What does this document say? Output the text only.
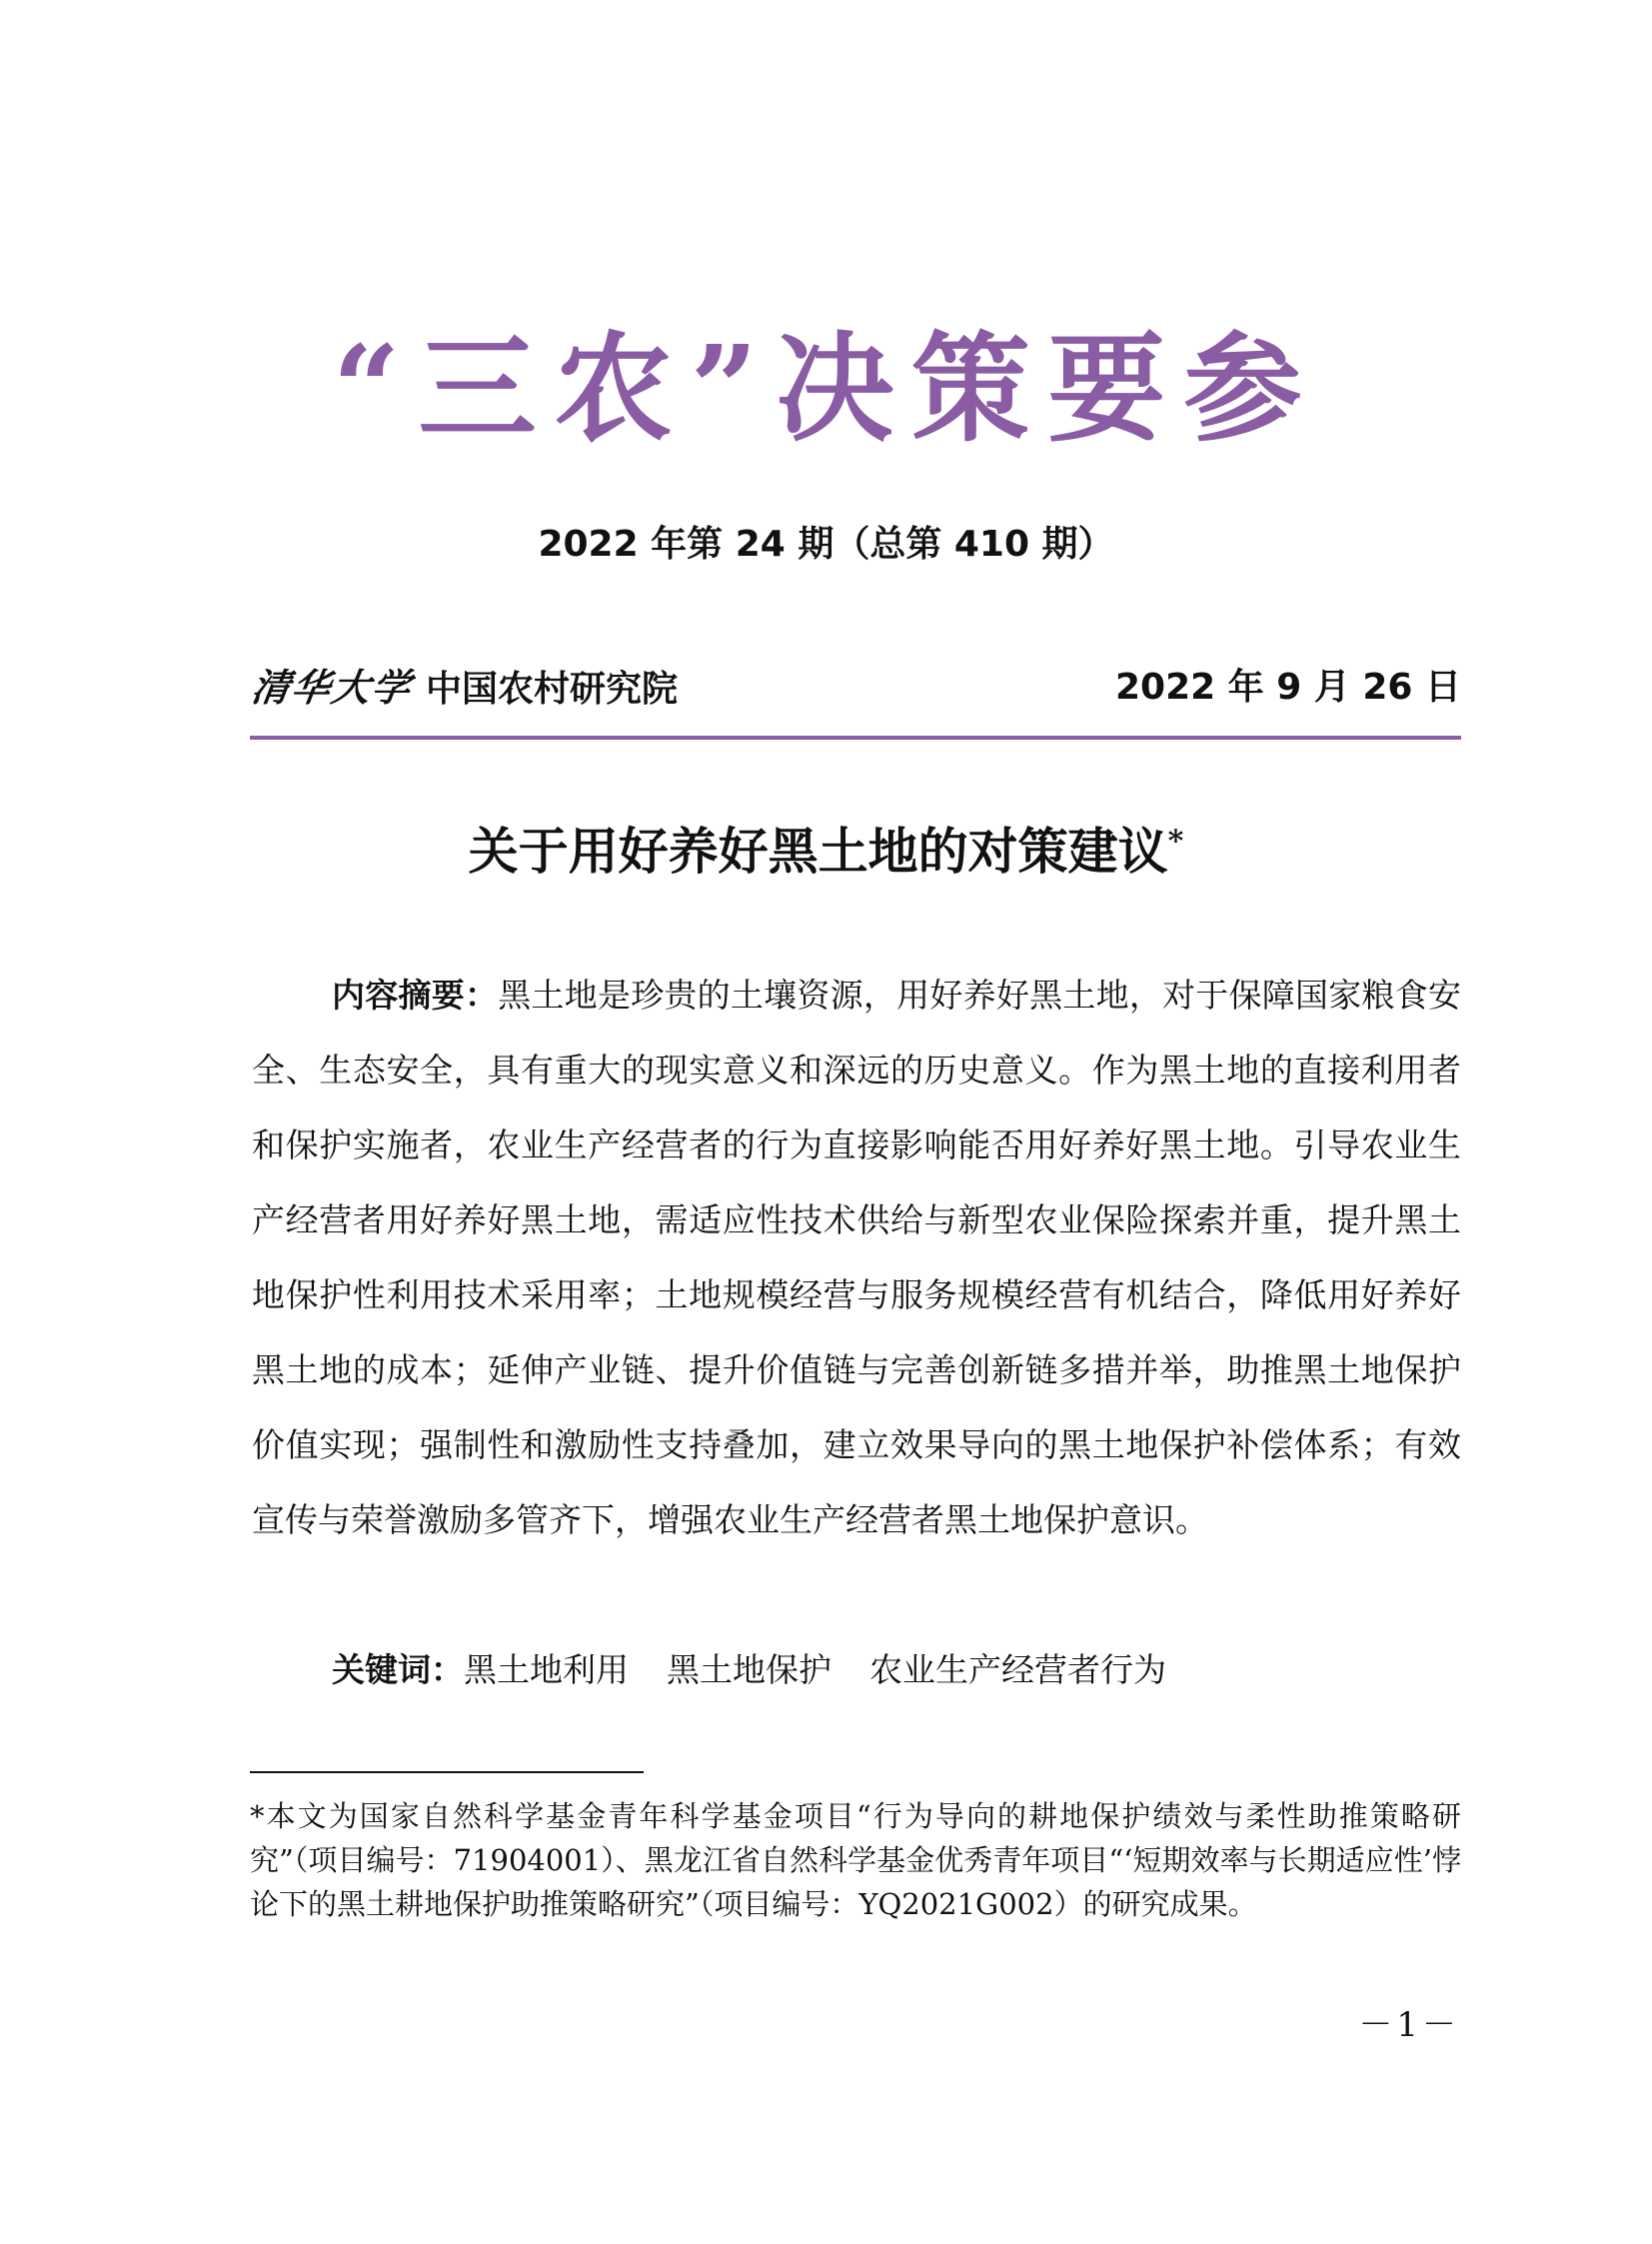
“三农”决策要参
2022 年第 24 期（总第 410 期）
清华大学 中国农村研究院	2022 年 9 月 26 日
关于用好养好黑土地的对策建议*

内容摘要：黑土地是珍贵的土壤资源，用好养好黑土地，对于保障国家粮食安全、生态安全，具有重大的现实意义和深远的历史意义。作为黑土地的直接利用者和保护实施者，农业生产经营者的行为直接影响能否用好养好黑土地。引导农业生产经营者用好养好黑土地，需适应性技术供给与新型农业保险探索并重，提升黑土地保护性利用技术采用率；土地规模经营与服务规模经营有机结合，降低用好养好黑土地的成本；延伸产业链、提升价值链与完善创新链多措并举，助推黑土地保护价值实现；强制性和激励性支持叠加，建立效果导向的黑土地保护补偿体系；有效宣传与荣誉激励多管齐下，增强农业生产经营者黑土地保护意识。

关键词：黑土地利用 黑土地保护 农业生产经营者行为

*本文为国家自然科学基金青年科学基金项目“行为导向的耕地保护绩效与柔性助推策略研究”（项目编号：71904001）、黑龙江省自然科学基金优秀青年项目“‘短期效率与长期适应性’悖论下的黑土耕地保护助推策略研究”（项目编号：YQ2021G002）的研究成果。

－1－
